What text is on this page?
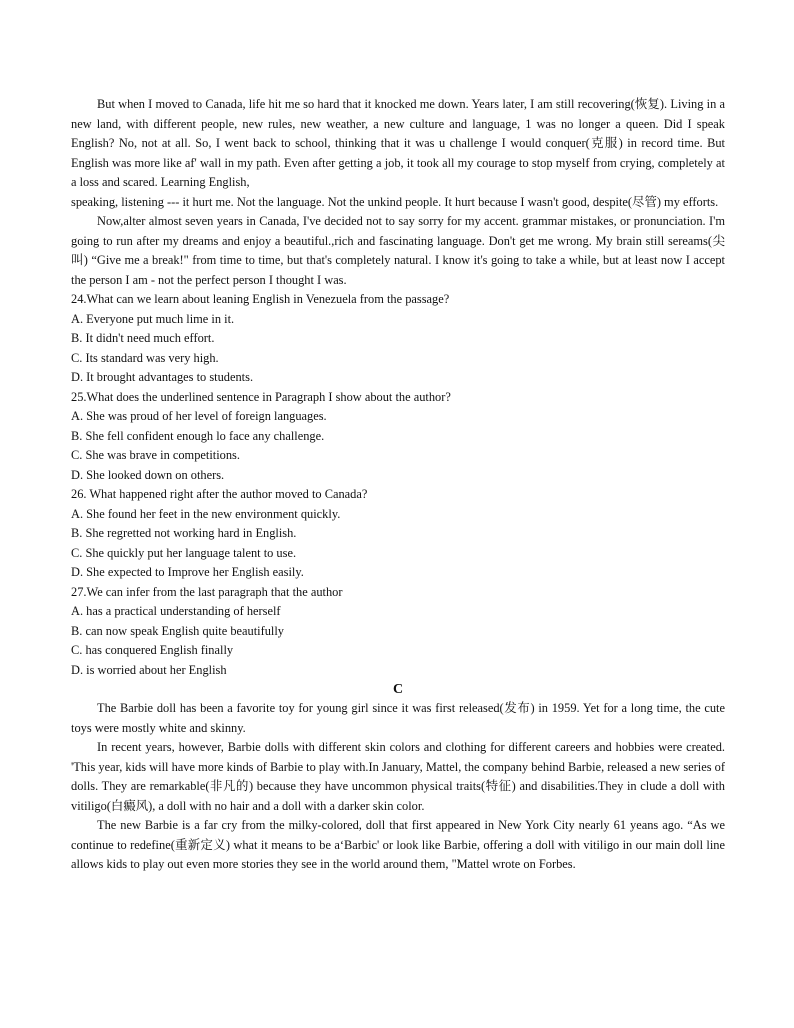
But when I moved to Canada, life hit me so hard that it knocked me down. Years later, I am still recovering(恢复). Living in a new land, with different people, new rules, new weather, a new culture and language, 1 was no longer a queen. Did I speak English? No, not at all. So, I went back to school, thinking that it was u challenge I would conquer(克服) in record time. But English was more like af' wall in my path. Even after getting a job, it took all my courage to stop myself from crying, completely at a loss and scared. Learning English,

speaking, listening --- it hurt me. Not the language. Not the unkind people. It hurt because I wasn't good, despite(尽管) my efforts.

Now,alter almost seven years in Canada, I've decided not to say sorry for my accent. grammar mistakes, or pronunciation. I'm going to run after my dreams and enjoy a beautiful.,rich and fascinating language. Don't get me wrong. My brain still sereams(尖叫) “Give me a break!" from time to time, but that's completely natural. I know it's going to take a while, but at least now I accept the person I am - not the perfect person I thought I was.

24.What can we learn about leaning English in Venezuela from the passage?

A. Everyone put much lime in it.

B. It didn't need much effort.

C. Its standard was very high.

D. It brought advantages to students.

25.What does the underlined sentence in Paragraph I show about the author?

A. She was proud of her level of foreign languages.

B. She fell confident enough lo face any challenge.

C. She was brave in competitions.

D. She looked down on others.

26. What happened right after the author moved to Canada?

A. She found her feet in the new environment quickly.

B. She regretted not working hard in English.

C. She quickly put her language talent to use.

D. She expected to Improve her English easily.

27.We can infer from the last paragraph that the author

A. has a practical understanding of herself

B. can now speak English quite beautifully

C. has conquered English finally

D. is worried about her English

C

The Barbie doll has been a favorite toy for young girl since it was first released(发布) in 1959. Yet for a long time, the cute toys were mostly white and skinny.

In recent years, however, Barbie dolls with different skin colors and clothing for different careers and hobbies were created. 'This year, kids will have more kinds of Barbie to play with.In January, Mattel, the company behind Barbie, released a new series of dolls. They are remarkable(非凡的) because they have uncommon physical traits(特征) and disabilities.They in clude a doll with vitiligo(白癜风), a doll with no hair and a doll with a darker skin color.

The new Barbie is a far cry from the milky-colored, doll that first appeared in New York City nearly 61 yeans ago. “As we continue to redefine(重新定义) what it means to be a‘Barbic' or look like Barbie, offering a doll with vitiligo in our main doll line allows kids to play out even more stories they see in the world around them, "Mattel wrote on Forbes.
